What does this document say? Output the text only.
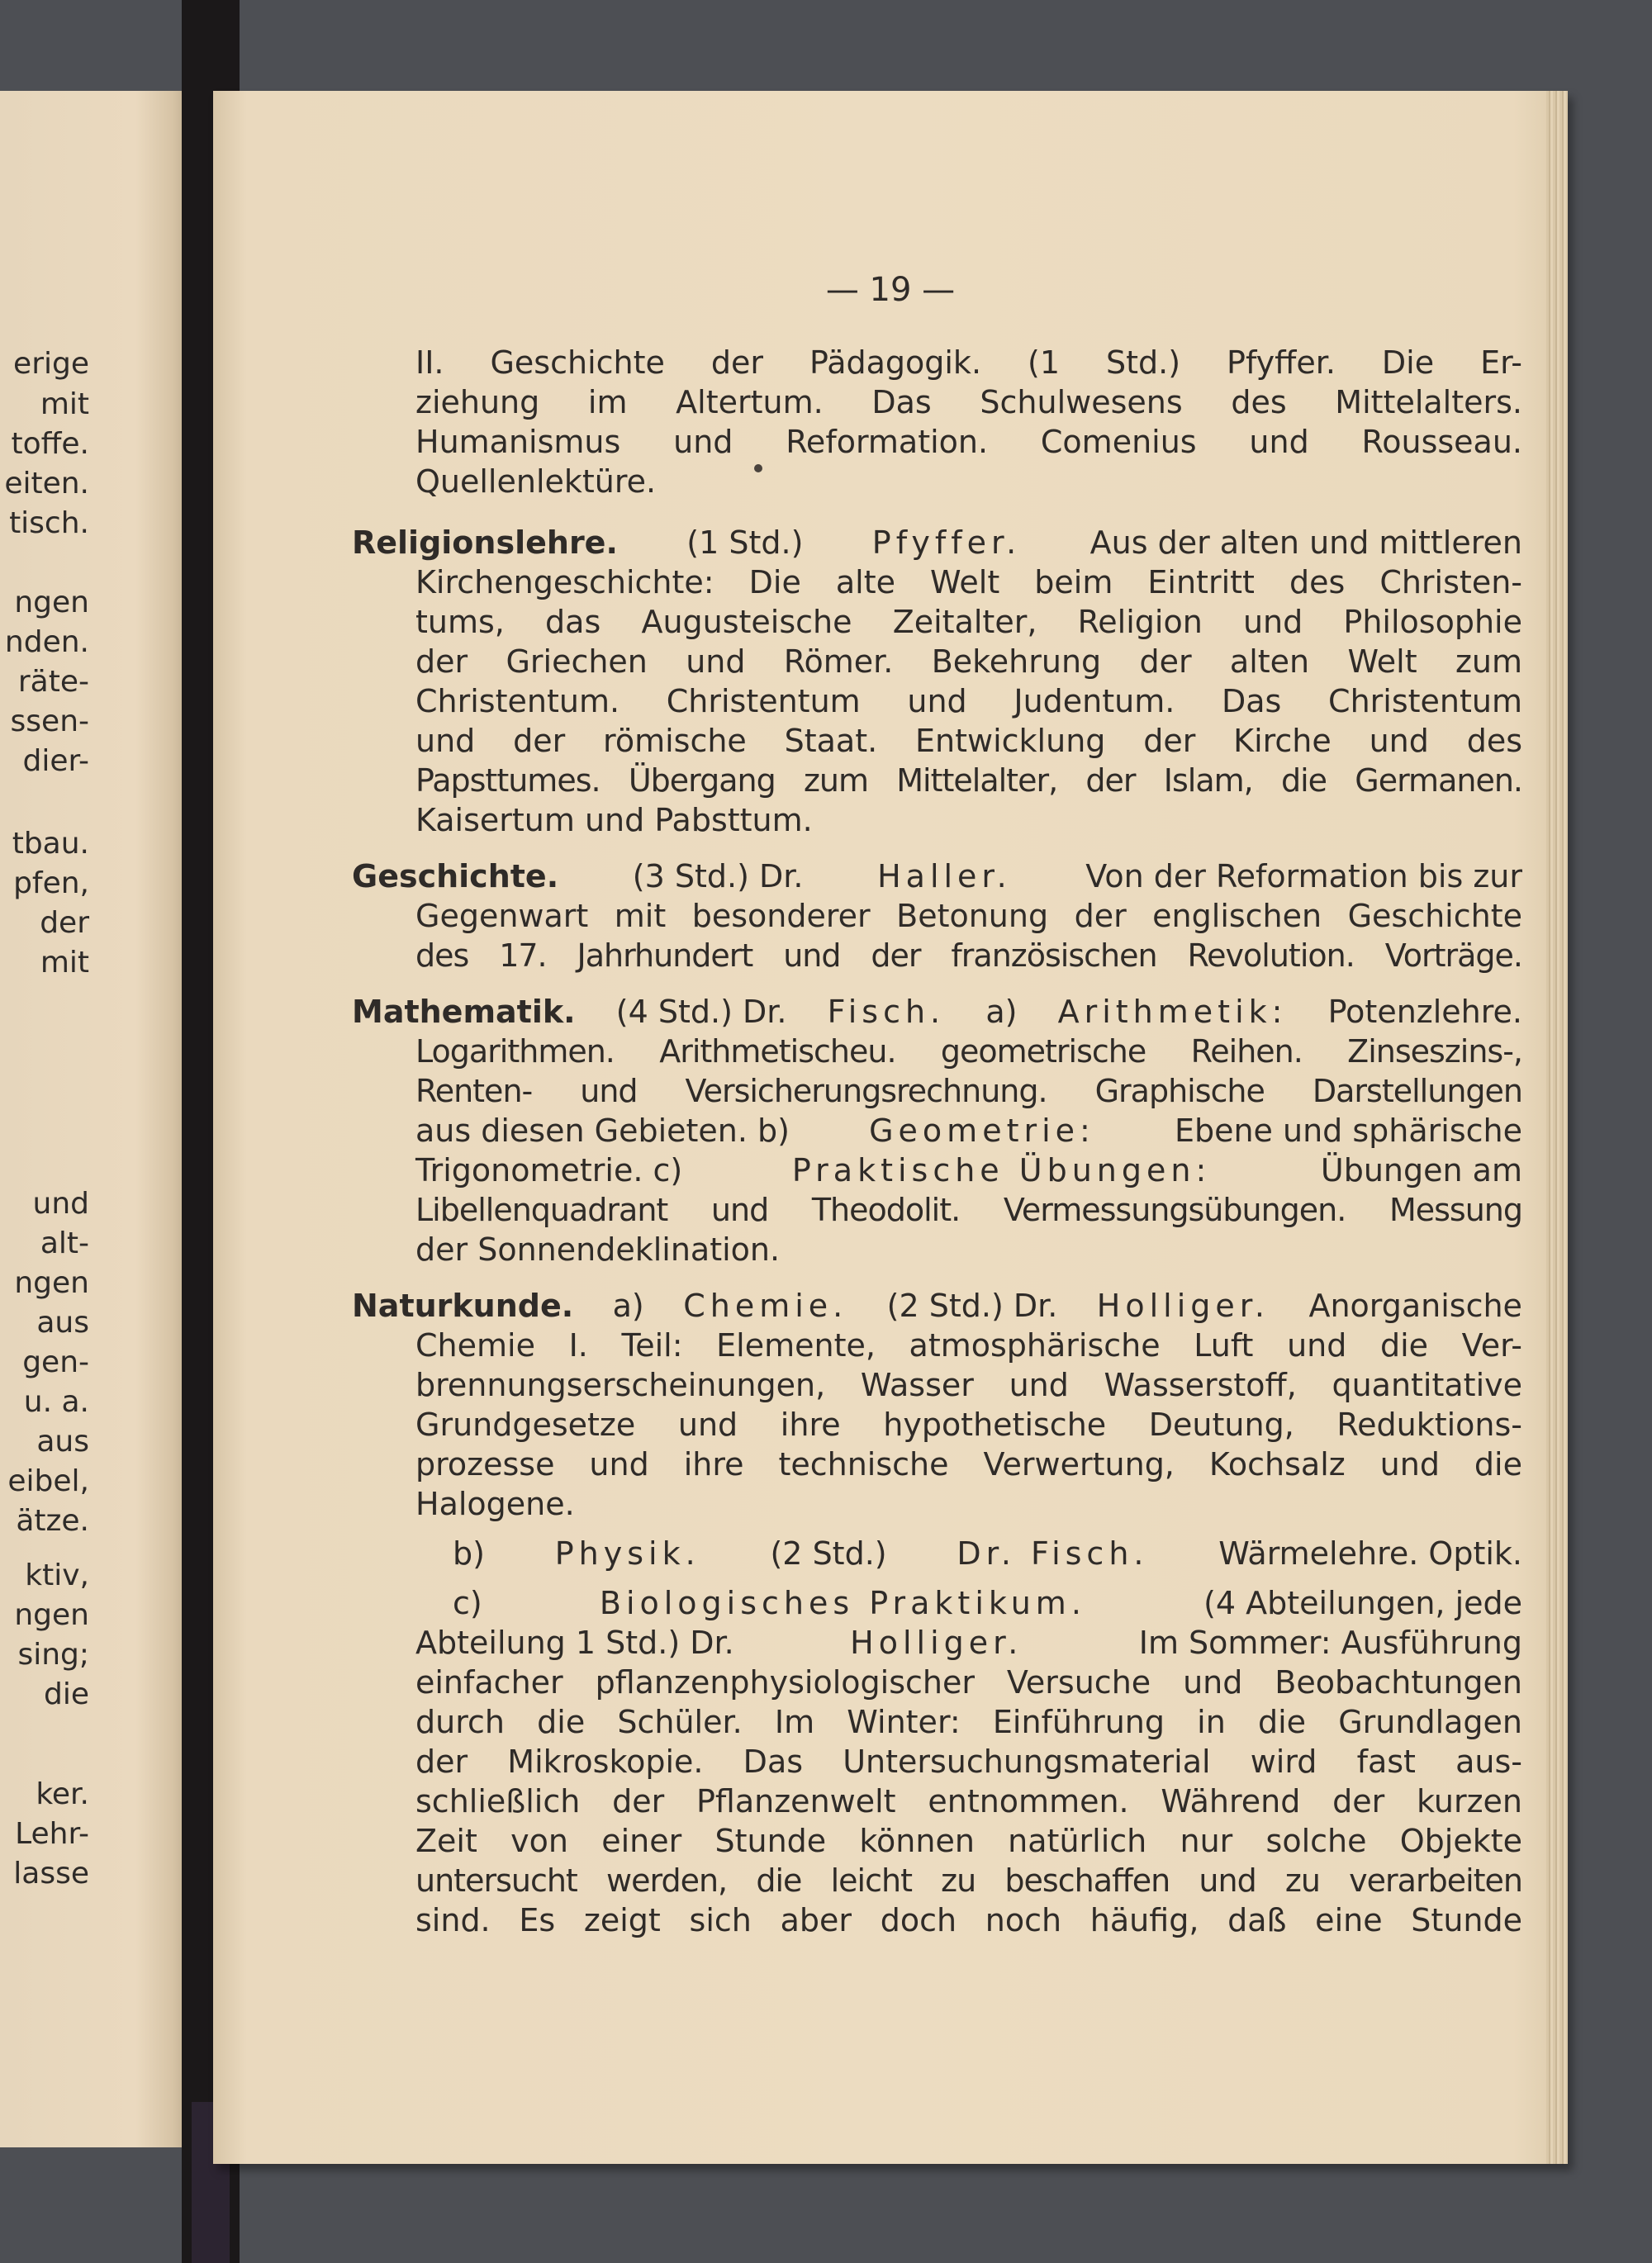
erige
mit
toffe.
eiten.
tisch.
ngen
nden.
räte-
ssen-
dier-
tbau.
pfen,
der
mit
und
alt-
ngen
aus
gen-
u. a.
aus
eibel,
ätze.
ktiv,
ngen
sing;
die
ker.
Lehr-
lasse
— 19 —
II. Geschichte der Pädagogik. (1 Std.) Pfyffer. Die Er-
ziehung im Altertum. Das Schulwesens des Mittelalters.
Humanismus und Reformation. Comenius und Rousseau.
Quellenlektüre.
Religionslehre. (1 Std.) Pfyffer. Aus der alten und mittleren
Kirchengeschichte: Die alte Welt beim Eintritt des Christen-
tums, das Augusteische Zeitalter, Religion und Philosophie
der Griechen und Römer. Bekehrung der alten Welt zum
Christentum. Christentum und Judentum. Das Christentum
und der römische Staat. Entwicklung der Kirche und des
Papsttumes. Übergang zum Mittelalter, der Islam, die Germanen.
Kaisertum und Pabsttum.
Geschichte. (3 Std.) Dr. Haller. Von der Reformation bis zur
Gegenwart mit besonderer Betonung der englischen Geschichte
des 17. Jahrhundert und der französischen Revolution. Vorträge.
Mathematik. (4 Std.) Dr. Fisch. a) Arithmetik: Potenzlehre.
Logarithmen. Arithmetischeu. geometrische Reihen. Zinseszins-,
Renten- und Versicherungsrechnung. Graphische Darstellungen
aus diesen Gebieten. b)	Geometrie:	Ebene und sphärische
Trigonometrie. c)	Praktische Übungen:	Übungen am
Libellenquadrant und Theodolit. Vermessungsübungen. Messung
der Sonnendeklination.
Naturkunde. a) Chemie. (2 Std.) Dr. Holliger. Anorganische
Chemie I. Teil: Elemente, atmosphärische Luft und die Ver-
brennungserscheinungen, Wasser und Wasserstoff, quantitative
Grundgesetze und ihre hypothetische Deutung, Reduktions-
prozesse und ihre technische Verwertung, Kochsalz und die
Halogene.
b) Physik. (2 Std.) Dr. Fisch. Wärmelehre. Optik.
c)	Biologisches Praktikum.	(4 Abteilungen, jede
Abteilung 1 Std.) Dr.	Holliger.	Im Sommer: Ausführung
einfacher pflanzenphysiologischer Versuche und Beobachtungen
durch die Schüler. Im Winter: Einführung in die Grundlagen
der Mikroskopie. Das Untersuchungsmaterial wird fast aus-
schließlich der Pflanzenwelt entnommen. Während der kurzen
Zeit von einer Stunde können natürlich nur solche Objekte
untersucht werden, die leicht zu beschaffen und zu verarbeiten
sind. Es zeigt sich aber doch noch häufig, daß eine Stunde
